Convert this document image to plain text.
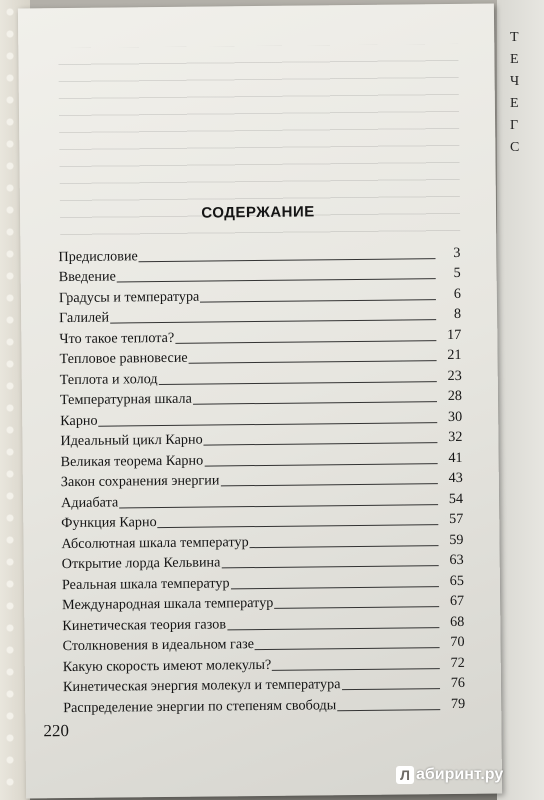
Т
Е
Ч
Е
Г
С
СОДЕРЖАНИЕ
Предисловие	3
Введение	5
Градусы и температура	6
Галилей	8
Что такое теплота?	17
Тепловое равновесие	21
Теплота и холод	23
Температурная шкала	28
Карно	30
Идеальный цикл Карно	32
Великая теорема Карно	41
Закон сохранения энергии	43
Адиабата	54
Функция Карно	57
Абсолютная шкала температур	59
Открытие лорда Кельвина	63
Реальная шкала температур	65
Международная шкала температур	67
Кинетическая теория газов	68
Столкновения в идеальном газе	70
Какую скорость имеют молекулы?	72
Кинетическая энергия молекул и температура	76
Распределение энергии по степеням свободы	79
220
Л абиринт.ру
